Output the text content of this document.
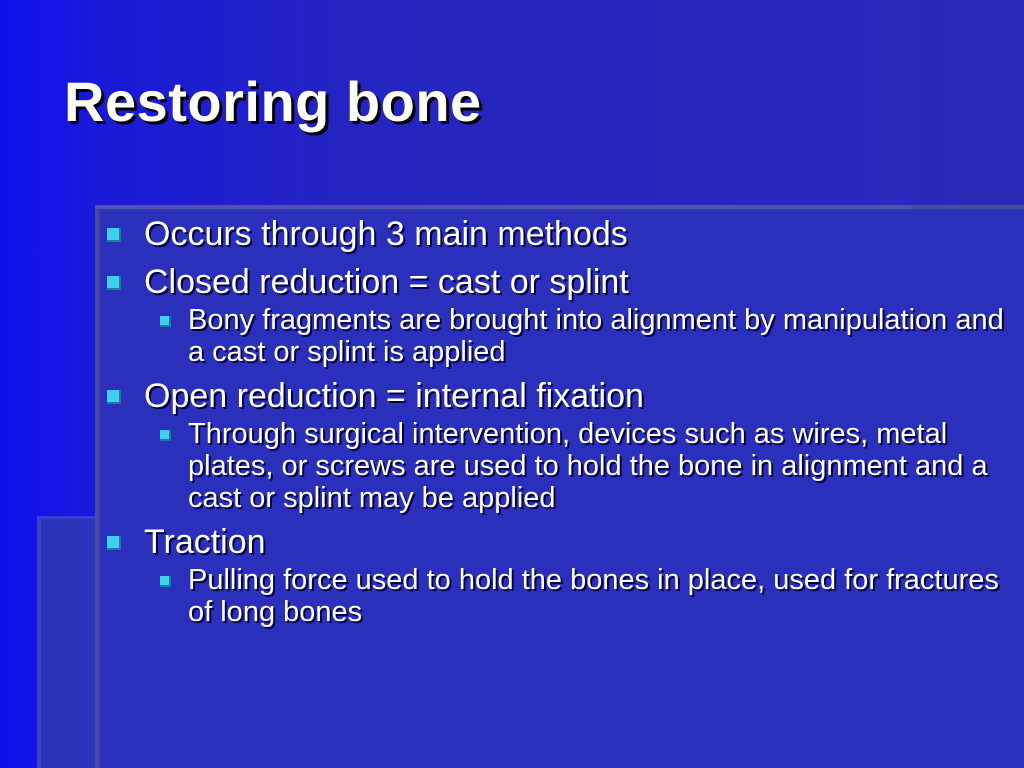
Restoring bone
Occurs through 3 main methods
Closed reduction = cast or splint
Bony fragments are brought into alignment by manipulation and a cast or splint is applied
Open reduction = internal fixation
Through surgical intervention, devices such as wires, metal plates, or screws are used to hold the bone in alignment and a cast or splint may be applied
Traction
Pulling force used to hold the bones in place, used for fractures of long bones
